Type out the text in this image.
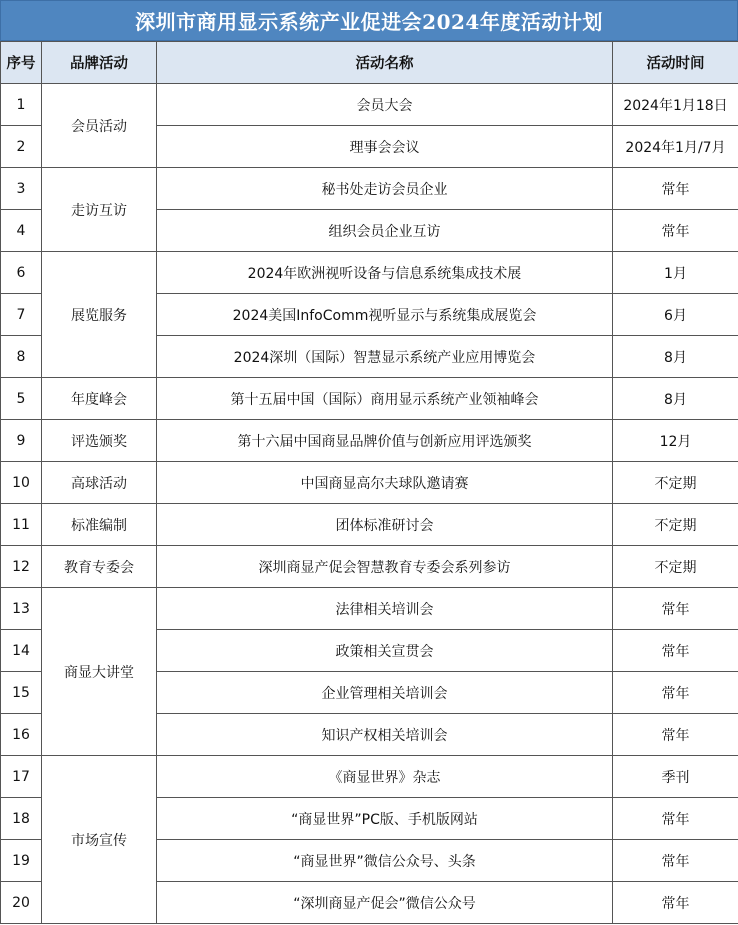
深圳市商用显示系统产业促进会2024年度活动计划
序号	品牌活动	活动名称	活动时间
1	会员活动	会员大会	2024年1月18日
2		理事会会议	2024年1月/7月
3	走访互访	秘书处走访会员企业	常年
4		组织会员企业互访	常年
6	展览服务	2024年欧洲视听设备与信息系统集成技术展	1月
7		2024美国InfoComm视听显示与系统集成展览会	6月
8		2024深圳（国际）智慧显示系统产业应用博览会	8月
5	年度峰会	第十五届中国（国际）商用显示系统产业领袖峰会	8月
9	评选颁奖	第十六届中国商显品牌价值与创新应用评选颁奖	12月
10	高球活动	中国商显高尔夫球队邀请赛	不定期
11	标准编制	团体标准研讨会	不定期
12	教育专委会	深圳商显产促会智慧教育专委会系列参访	不定期
13	商显大讲堂	法律相关培训会	常年
14		政策相关宣贯会	常年
15		企业管理相关培训会	常年
16		知识产权相关培训会	常年
17	市场宣传	《商显世界》杂志	季刊
18		“商显世界”PC版、手机版网站	常年
19		“商显世界”微信公众号、头条	常年
20		“深圳商显产促会”微信公众号	常年
